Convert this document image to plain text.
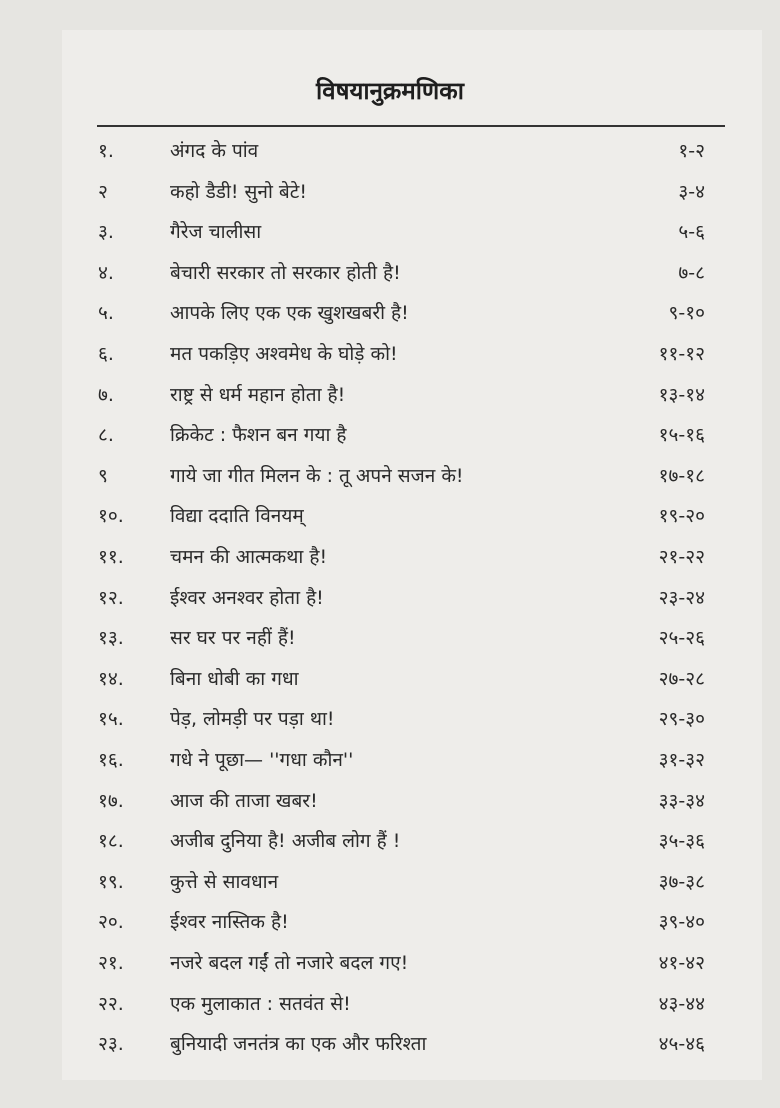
विषयानुक्रमणिका
१.	अंगद के पांव	१-२
२	कहो डैडी! सुनो बेटे!	३-४
३.	गैरेज चालीसा	५-६
४.	बेचारी सरकार तो सरकार होती है!	७-८
५.	आपके लिए एक एक खुशखबरी है!	९-१०
६.	मत पकड़िए अश्वमेध के घोड़े को!	११-१२
७.	राष्ट्र से धर्म महान होता है!	१३-१४
८.	क्रिकेट : फैशन बन गया है	१५-१६
९	गाये जा गीत मिलन के : तू अपने सजन के!	१७-१८
१०. विद्या ददाति विनयम्	१९-२०
११. चमन की आत्मकथा है!	२१-२२
१२. ईश्वर अनश्वर होता है!	२३-२४
१३. सर घर पर नहीं हैं!	२५-२६
१४. बिना धोबी का गधा	२७-२८
१५. पेड़, लोमड़ी पर पड़ा था!	२९-३०
१६. गधे ने पूछा— ''गधा कौन''	३१-३२
१७. आज की ताजा खबर!	३३-३४
१८. अजीब दुनिया है! अजीब लोग हैं !	३५-३६
१९. कुत्ते से सावधान	३७-३८
२०. ईश्वर नास्तिक है!	३९-४०
२१. नजरे बदल गईं तो नजारे बदल गए!	४१-४२
२२. एक मुलाकात : सतवंत से!	४३-४४
२३. बुनियादी जनतंत्र का एक और फरिश्ता	४५-४६
